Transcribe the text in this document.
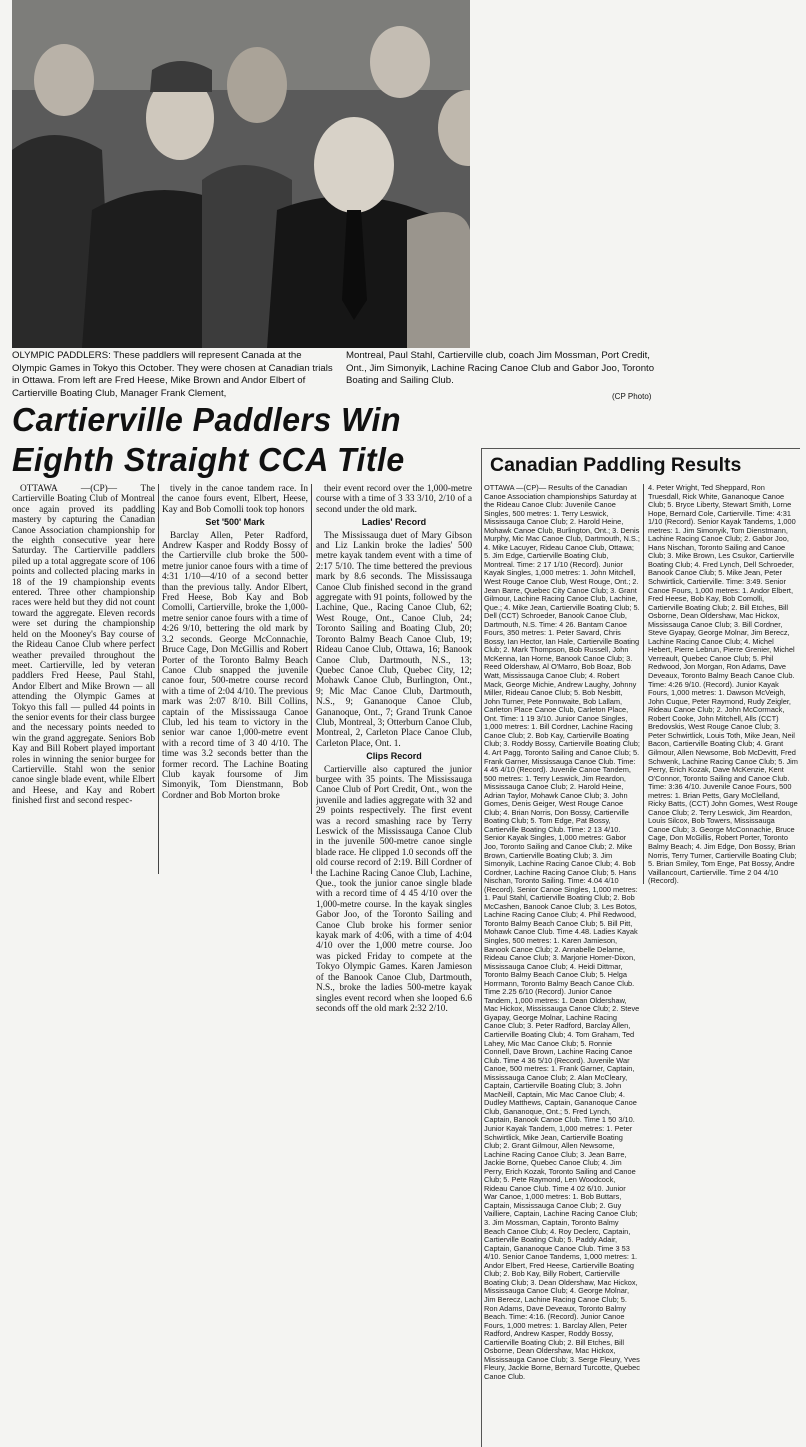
OLYMPIC PADDLERS: These paddlers will represent Canada at the Olympic Games in Tokyo this October. They were chosen at Canadian trials in Ottawa. From left are Fred Heese, Mike Brown and Andor Elbert of Cartierville Boating Club, Manager Frank Clement,
Montreal, Paul Stahl, Cartierville club, coach Jim Mossman, Port Credit, Ont., Jim Simonyik, Lachine Racing Canoe Club and Gabor Joo, Toronto Boating and Sailing Club.
(CP Photo)
Cartierville Paddlers Win
Eighth Straight CCA Title

OTTAWA —(CP)— The Cartierville Boating Club of Montreal once again proved its paddling mastery by capturing the Canadian Canoe Association championship for the eighth consecutive year here Saturday. The Cartierville paddlers piled up a total aggregate score of 106 points and collected placing marks in 18 of the 19 championship events entered. Three other championship races were held but they did not count toward the aggregate. Eleven records were set during the championship held on the Mooney's Bay course of the Rideau Canoe Club where perfect weather prevailed throughout the meet. Cartierville, led by veteran paddlers Fred Heese, Paul Stahl, Andor Elbert and Mike Brown — all attending the Olympic Games at Tokyo this fall — pulled 44 points in the senior events for their class burgee and the necessary points needed to win the grand aggregate. Seniors Bob Kay and Bill Robert played important roles in winning the senior burgee for Cartierville. Stahl won the senior canoe single blade event, while Elbert and Heese, and Kay and Robert finished first and second respec-

tively in the canoe tandem race. In the canoe fours event, Elbert, Heese, Kay and Bob Comolli took top honors

Set '500' Mark

Barclay Allen, Peter Radford, Andrew Kasper and Roddy Bossy of the Cartierville club broke the 500-metre junior canoe fours with a time of 4:31 1/10—4/10 of a second better than the previous tally. Andor Elbert, Fred Heese, Bob Kay and Bob Comolli, Cartierville, broke the 1,000-metre senior canoe fours with a time of 4:26 9/10, bettering the old mark by 3.2 seconds. George McConnachie, Bruce Cage, Don McGillis and Robert Porter of the Toronto Balmy Beach Canoe Club snapped the juvenile canoe four, 500-metre course record with a time of 2:04 4/10. The previous mark was 2:07 8/10. Bill Collins, captain of the Mississauga Canoe Club, led his team to victory in the senior war canoe 1,000-metre event with a record time of 3 40 4/10. The time was 3.2 seconds better than the former record. The Lachine Boating Club kayak foursome of Jim Simonyik, Tom Dienstmann, Bob Cordner and Bob Morton broke

their event record over the 1,000-metre course with a time of 3 33 3/10, 2/10 of a second under the old mark.

Ladies' Record

The Mississauga duet of Mary Gibson and Liz Lankin broke the ladies' 500 metre kayak tandem event with a time of 2:17 5/10. The time bettered the previous mark by 8.6 seconds. The Mississauga Canoe Club finished second in the grand aggregate with 91 points, followed by the Lachine, Que., Racing Canoe Club, 62; West Rouge, Ont., Canoe Club, 24; Toronto Sailing and Boating Club, 20; Toronto Balmy Beach Canoe Club, 19; Rideau Canoe Club, Ottawa, 16; Banook Canoe Club, Dartmouth, N.S., 13; Quebec Canoe Club, Quebec City, 12; Mohawk Canoe Club, Burlington, Ont., 9; Mic Mac Canoe Club, Dartmouth, N.S., 9; Gananoque Canoe Club, Gananoque, Ont., 7; Grand Trunk Canoe Club, Montreal, 3; Otterburn Canoe Club, Montreal, 2, Carleton Place Canoe Club, Carleton Place, Ont. 1.

Clips Record

Cartierville also captured the junior burgee with 35 points. The Mississauga Canoe Club of Port Credit, Ont., won the juvenile and ladies aggregate with 32 and 29 points respectively. The first event was a record smashing race by Terry Leswick of the Mississauga Canoe Club in the juvenile 500-metre canoe single blade race. He clipped 1.0 seconds off the old course record of 2:19. Bill Cordner of the Lachine Racing Canoe Club, Lachine, Que., took the junior canoe single blade with a record time of 4 45 4/10 over the 1,000-metre course. In the kayak singles Gabor Joo, of the Toronto Sailing and Canoe Club broke his former senior kayak mark of 4:06, with a time of 4:04 4/10 over the 1,000 metre course. Joo was picked Friday to compete at the Tokyo Olympic Games. Karen Jamieson of the Banook Canoe Club, Dartmouth, N.S., broke the ladies 500-metre kayak singles event record when she looped 6.6 seconds off the old mark 2:32 2/10.

Canadian Paddling Results

OTTAWA —(CP)— Results of the Canadian Canoe Association championships Saturday at the Rideau Canoe Club: Juvenile Canoe Singles, 500 metres: 1. Terry Leswick, Mississauga Canoe Club; 2. Harold Heine, Mohawk Canoe Club, Burlington, Ont.; 3. Denis Murphy, Mic Mac Canoe Club, Dartmouth, N.S.; 4. Mike Lacuyer, Rideau Canoe Club, Ottawa; 5. Jim Edge, Cartierville Boating Club, Montreal. Time: 2 17 1/10 (Record). Junior Kayak Singles, 1,000 metres: 1. John Mitchell, West Rouge Canoe Club, West Rouge, Ont.; 2. Jean Barre, Quebec City Canoe Club; 3. Grant Gilmour, Lachine Racing Canoe Club, Lachine, Que.; 4. Mike Jean, Cartierville Boating Club; 5. Dell (CCT) Schroeder, Banook Canoe Club, Dartmouth, N.S. Time: 4 26. Bantam Canoe Fours, 350 metres: 1. Peter Savard, Chris Bossy, Ian Hector, Ian Hale, Cartierville Boating Club; 2. Mark Thompson, Bob Russell, John McKenna, Ian Horne, Banook Canoe Club; 3. Reed Oldershaw, Al O'Marro, Bob Boaz, Bob Watt, Mississauga Canoe Club; 4. Robert Mack, George Michie, Andrew Laughy, Johnny Miller, Rideau Canoe Club; 5. Bob Nesbitt, John Turner, Pete Ponnwaite, Bob Lallam, Carleton Place Canoe Club, Carleton Place, Ont. Time: 1 19 3/10. Junior Canoe Singles, 1,000 metres: 1. Bill Cordner, Lachine Racing Canoe Club; 2. Bob Kay, Cartierville Boating Club; 3. Roddy Bossy, Cartierville Boating Club; 4. Art Pagg, Toronto Sailing and Canoe Club; 5. Frank Garner, Mississauga Canoe Club. Time: 4 45 4/10 (Record). Juvenile Canoe Tandem, 500 metres: 1. Terry Leswick, Jim Reardon, Mississauga Canoe Club; 2. Harold Heine, Adrian Taylor, Mohawk Canoe Club; 3. John Gomes, Denis Geiger, West Rouge Canoe Club; 4. Brian Norris, Don Bossy, Cartierville Boating Club; 5. Tom Edge, Pat Bossy, Cartierville Boating Club. Time: 2 13 4/10. Senior Kayak Singles, 1,000 metres: Gabor Joo, Toronto Sailing and Canoe Club; 2. Mike Brown, Cartierville Boating Club; 3. Jim Simonyik, Lachine Racing Canoe Club; 4. Bob Cordner, Lachine Racing Canoe Club; 5. Hans Nischan, Toronto Sailing. Time: 4.04 4/10 (Record). Senior Canoe Singles, 1,000 metres: 1. Paul Stahl, Cartierville Boating Club; 2. Bob McCashen, Banook Canoe Club; 3. Les Botos, Lachine Racing Canoe Club; 4. Phil Redwood, Toronto Balmy Beach Canoe Club; 5. Bill Pitt, Mohawk Canoe Club. Time 4.48. Ladies Kayak Singles, 500 metres: 1. Karen Jamieson, Banook Canoe Club; 2. Annabelle Delarne, Rideau Canoe Club; 3. Marjorie Homer-Dixon, Mississauga Canoe Club; 4. Heidi Dittmar, Toronto Balmy Beach Canoe Club; 5. Helga Horrmann, Toronto Balmy Beach Canoe Club. Time 2.25 6/10 (Record). Junior Canoe Tandem, 1,000 metres: 1. Dean Oldershaw, Mac Hickox, Mississauga Canoe Club; 2. Steve Gyapay, George Molnar, Lachine Racing Canoe Club; 3. Peter Radford, Barclay Allen, Cartierville Boating Club; 4. Tom Graham, Ted Lahey, Mic Mac Canoe Club; 5. Ronnie Connell, Dave Brown, Lachine Racing Canoe Club. Time 4 36 5/10 (Record). Juvenile War Canoe, 500 metres: 1. Frank Garner, Captain, Mississauga Canoe Club; 2. Alan McCleary, Captain, Cartierville Boating Club; 3. John MacNeill, Captain, Mic Mac Canoe Club; 4. Dudley Matthews, Captain, Gananoque Canoe Club, Gananoque, Ont.; 5. Fred Lynch, Captain, Banook Canoe Club. Time 1 50 3/10. Junior Kayak Tandem, 1,000 metres: 1. Peter Schwirtlick, Mike Jean, Cartierville Boating Club; 2. Grant Gilmour, Allen Newsome, Lachine Racing Canoe Club; 3. Jean Barre, Jackie Borne, Quebec Canoe Club; 4. Jim Perry, Erich Kozak, Toronto Sailing and Canoe Club; 5. Pete Raymond, Len Woodcock, Rideau Canoe Club. Time 4 02 6/10. Junior War Canoe, 1,000 metres: 1. Bob Buttars, Captain, Mississauga Canoe Club; 2. Guy Vailliere, Captain, Lachine Racing Canoe Club; 3. Jim Mossman, Captain, Toronto Balmy Beach Canoe Club; 4. Roy Declerc, Captain, Cartierville Boating Club; 5. Paddy Adair, Captain, Gananoque Canoe Club. Time 3 53 4/10. Senior Canoe Tandems, 1,000 metres: 1. Andor Elbert, Fred Heese, Cartierville Boating Club; 2. Bob Kay, Billy Robert, Cartierville Boating Club; 3. Dean Oldershaw, Mac Hickox, Mississauga Canoe Club; 4. George Molnar, Jim Berecz, Lachine Racing Canoe Club; 5. Ron Adams, Dave Deveaux, Toronto Balmy Beach. Time: 4:16. (Record). Junior Canoe Fours, 1,000 metres: 1. Barclay Allen, Peter Radford, Andrew Kasper, Roddy Bossy, Cartierville Boating Club; 2. Bill Etches, Bill Osborne, Dean Oldershaw, Mac Hickox, Mississauga Canoe Club; 3. Serge Fleury, Yves Fleury, Jackie Borne, Bernard Turcotte, Quebec Canoe Club.

4. Peter Wright, Ted Sheppard, Ron Truesdall, Rick White, Gananoque Canoe Club; 5. Bryce Liberty, Stewart Smith, Lorne Hope, Bernard Cole, Cartierville. Time: 4:31 1/10 (Record). Senior Kayak Tandems, 1,000 metres: 1. Jim Simonyik, Tom Dienstmann, Lachine Racing Canoe Club; 2. Gabor Joo, Hans Nischan, Toronto Sailing and Canoe Club; 3. Mike Brown, Les Csukor, Cartierville Boating Club; 4. Fred Lynch, Dell Schroeder, Banook Canoe Club; 5. Mike Jean, Peter Schwirtlick, Cartierville. Time: 3:49. Senior Canoe Fours, 1,000 metres: 1. Andor Elbert, Fred Heese, Bob Kay, Bob Comolli, Cartierville Boating Club; 2. Bill Etches, Bill Osborne, Dean Oldershaw, Mac Hickox, Mississauga Canoe Club; 3. Bill Cordner, Steve Gyapay, George Molnar, Jim Berecz, Lachine Racing Canoe Club; 4. Michel Hebert, Pierre Lebrun, Pierre Grenier, Michel Verreault, Quebec Canoe Club; 5. Phil Redwood, Jon Morgan, Ron Adams, Dave Deveaux, Toronto Balmy Beach Canoe Club. Time: 4:26 9/10. (Record). Junior Kayak Fours, 1,000 metres: 1. Dawson McVeigh, John Cuque, Peter Raymond, Rudy Zeigler, Rideau Canoe Club; 2. John McCormack, Robert Cooke, John Mitchell, Alls (CCT) Bredovskis, West Rouge Canoe Club; 3. Peter Schwirtlick, Louis Toth, Mike Jean, Neil Bacon, Cartierville Boating Club; 4. Grant Gilmour, Allen Newsome, Bob McDevitt, Fred Schwenk, Lachine Racing Canoe Club; 5. Jim Perry, Erich Kozak, Dave McKenzie, Kent O'Connor, Toronto Sailing and Canoe Club. Time: 3:36 4/10. Juvenile Canoe Fours, 500 metres: 1. Brian Petts, Gary McClelland, Ricky Batts, (CCT) John Gomes, West Rouge Canoe Club; 2. Terry Leswick, Jim Reardon, Louis Silcox, Bob Towers, Mississauga Canoe Club; 3. George McConnachie, Bruce Cage, Don McGillis, Robert Porter, Toronto Balmy Beach; 4. Jim Edge, Don Bossy, Brian Norris, Terry Turner, Cartierville Boating Club; 5. Brian Smiley, Tom Enge, Pat Bossy, Andre Vaillancourt, Cartierville. Time 2 04 4/10 (Record).
